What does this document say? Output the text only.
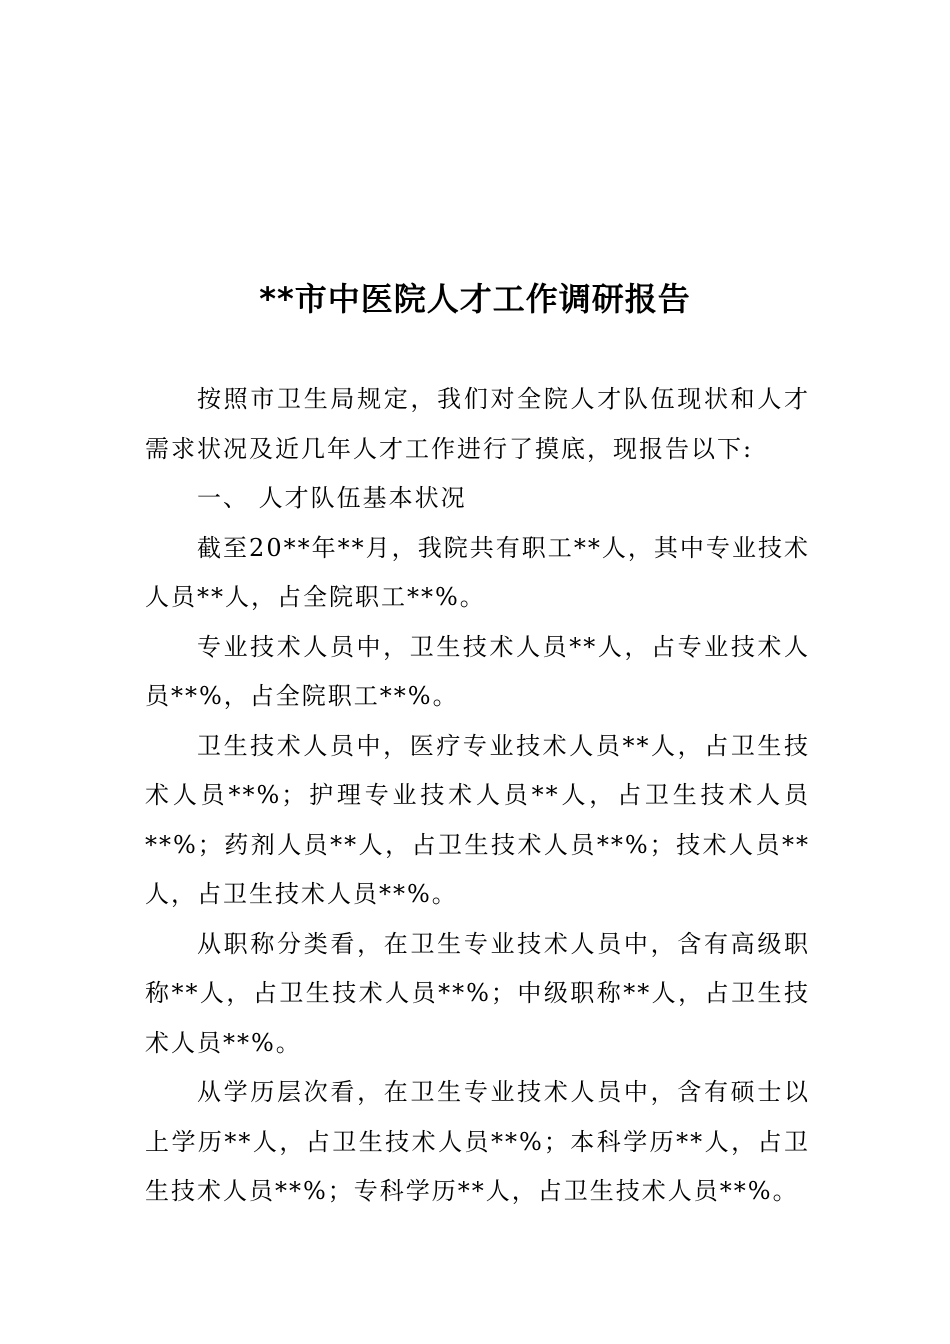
**市中医院人才工作调研报告

按照市卫生局规定，我们对全院人才队伍现状和人才需求状况及近几年人才工作进行了摸底，现报告以下:

一、 人才队伍基本状况

截至20**年**月，我院共有职工**人，其中专业技术人员**人，占全院职工**%。

专业技术人员中，卫生技术人员**人，占专业技术人员**%，占全院职工**%。

卫生技术人员中，医疗专业技术人员**人，占卫生技术人员**%；护理专业技术人员**人，占卫生技术人员**%；药剂人员**人，占卫生技术人员**%；技术人员**人，占卫生技术人员**%。

从职称分类看，在卫生专业技术人员中，含有高级职称**人，占卫生技术人员**%；中级职称**人，占卫生技术人员**%。

从学历层次看，在卫生专业技术人员中，含有硕士以上学历**人，占卫生技术人员**%；本科学历**人，占卫生技术人员**%；专科学历**人，占卫生技术人员**%。
